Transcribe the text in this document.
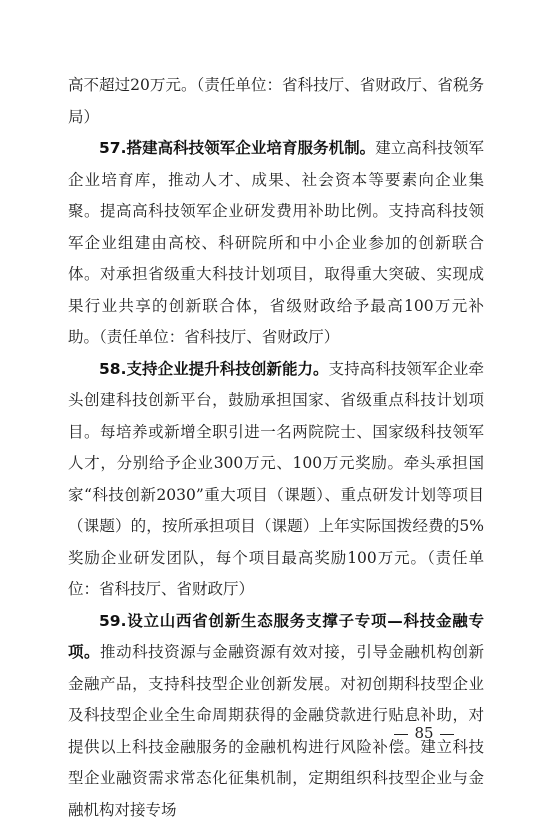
高不超过20万元。（责任单位：省科技厅、省财政厅、省税务局）

57.搭建高科技领军企业培育服务机制。建立高科技领军企业培育库，推动人才、成果、社会资本等要素向企业集聚。提高高科技领军企业研发费用补助比例。支持高科技领军企业组建由高校、科研院所和中小企业参加的创新联合体。对承担省级重大科技计划项目，取得重大突破、实现成果行业共享的创新联合体，省级财政给予最高100万元补助。（责任单位：省科技厅、省财政厅）

58.支持企业提升科技创新能力。支持高科技领军企业牵头创建科技创新平台，鼓励承担国家、省级重点科技计划项目。每培养或新增全职引进一名两院院士、国家级科技领军人才，分别给予企业300万元、100万元奖励。牵头承担国家“科技创新2030”重大项目（课题）、重点研发计划等项目（课题）的，按所承担项目（课题）上年实际国拨经费的5%奖励企业研发团队，每个项目最高奖励100万元。（责任单位：省科技厅、省财政厅）

59.设立山西省创新生态服务支撑子专项—科技金融专项。推动科技资源与金融资源有效对接，引导金融机构创新金融产品，支持科技型企业创新发展。对初创期科技型企业及科技型企业全生命周期获得的金融贷款进行贴息补助，对提供以上科技金融服务的金融机构进行风险补偿。建立科技型企业融资需求常态化征集机制，定期组织科技型企业与金融机构对接专场

85
